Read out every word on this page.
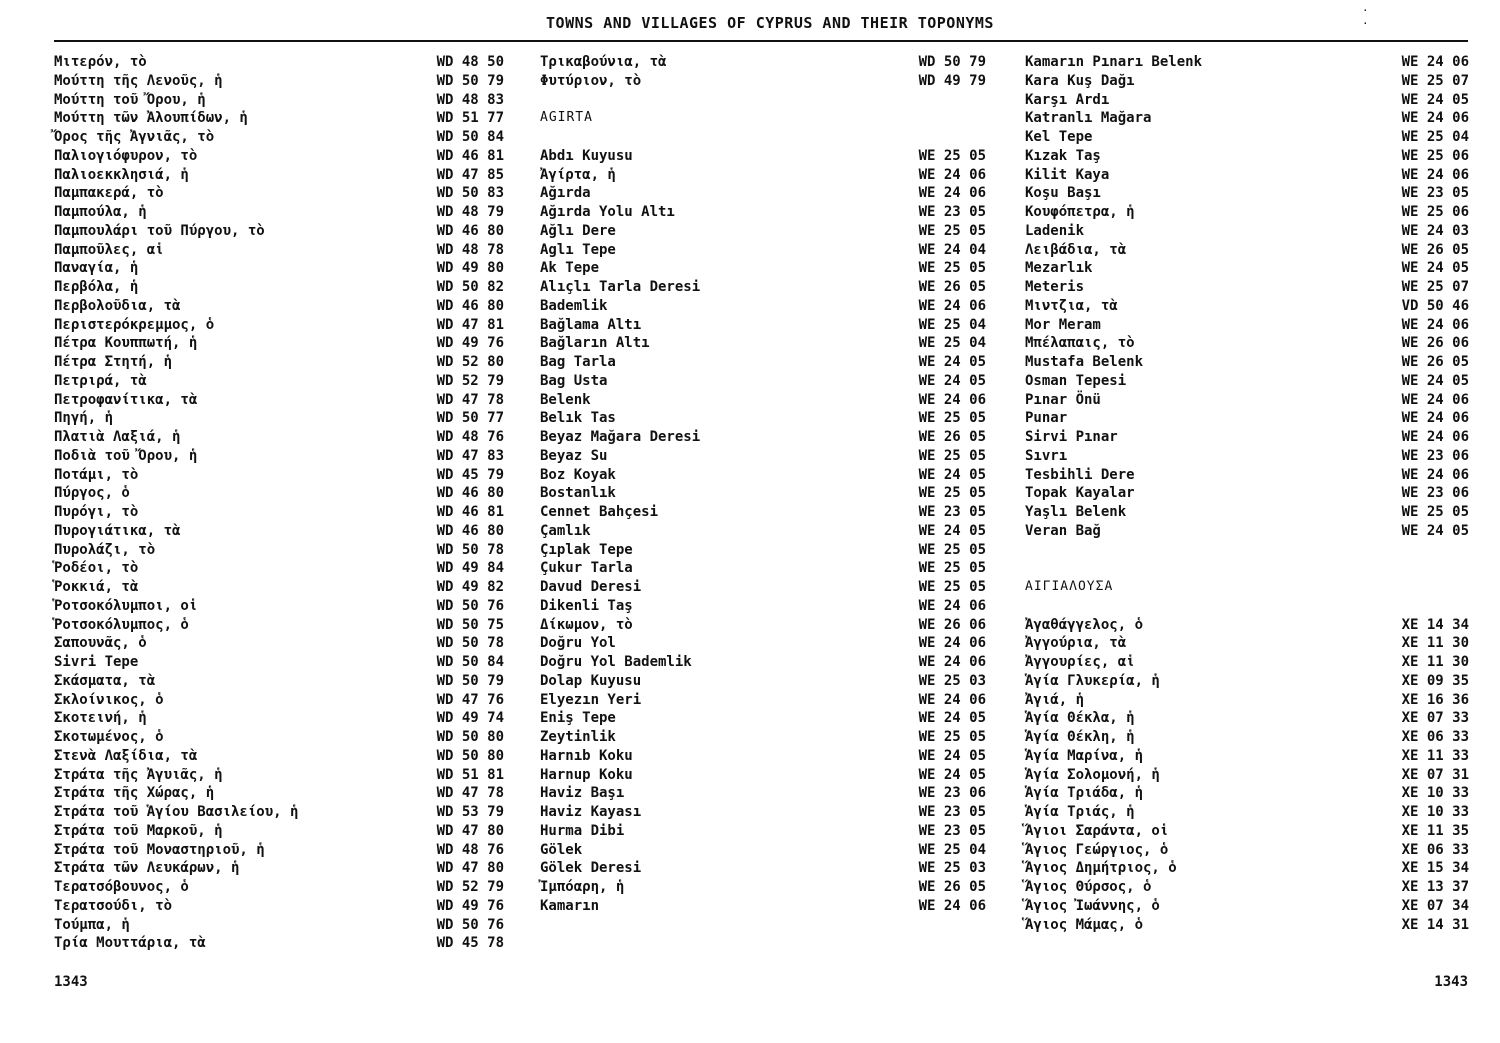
TOWNS AND VILLAGES OF CYPRUS AND THEIR TOPONYMS
· ·
Μιτερόν, τὸ	WD 48 50
Μούττη τῆς Λενοῦς, ἡ	WD 50 79
Μούττη τοῦ Ὄρου, ἡ	WD 48 83
Μούττη τῶν Ἀλουπίδων, ἡ	WD 51 77
Ὄρος τῆς Ἀγνιᾶς, τὸ	WD 50 84
Παλιογιόφυρον, τὸ	WD 46 81
Παλιοεκκλησιά, ἡ	WD 47 85
Παμπακερά, τὸ	WD 50 83
Παμπούλα, ἡ	WD 48 79
Παμπουλάρι τοῦ Πύργου, τὸ	WD 46 80
Παμποῦλες, αἱ	WD 48 78
Παναγία, ἡ	WD 49 80
Περβόλα, ἡ	WD 50 82
Περβολοῦδια, τὰ	WD 46 80
Περιστερόκρεμμος, ὁ	WD 47 81
Πέτρα Κουππωτή, ἡ	WD 49 76
Πέτρα Στητή, ἡ	WD 52 80
Πετριρά, τὰ	WD 52 79
Πετροφανίτικα, τὰ	WD 47 78
Πηγή, ἡ	WD 50 77
Πλατιὰ Λαξιά, ἡ	WD 48 76
Ποδιὰ τοῦ Ὄρου, ἡ	WD 47 83
Ποτάμι, τὸ	WD 45 79
Πύργος, ὁ	WD 46 80
Πυρόγι, τὸ	WD 46 81
Πυρογιάτικα, τὰ	WD 46 80
Πυρολάζι, τὸ	WD 50 78
Ῥοδέοι, τὸ	WD 49 84
Ῥοκκιά, τὰ	WD 49 82
Ῥοτσοκόλυμποι, οἱ	WD 50 76
Ῥοτσοκόλυμπος, ὁ	WD 50 75
Σαπουνᾶς, ὁ	WD 50 78
Sivri Tepe	WD 50 84
Σκάσματα, τὰ	WD 50 79
Σκλοίνικος, ὁ	WD 47 76
Σκοτεινή, ἡ	WD 49 74
Σκοτωμένος, ὁ	WD 50 80
Στενὰ Λαξίδια, τὰ	WD 50 80
Στράτα τῆς Ἀγυιᾶς, ἡ	WD 51 81
Στράτα τῆς Χώρας, ἡ	WD 47 78
Στράτα τοῦ Ἁγίου Βασιλείου, ἡ	WD 53 79
Στράτα τοῦ Μαρκοῦ, ἡ	WD 47 80
Στράτα τοῦ Μοναστηριοῦ, ἡ	WD 48 76
Στράτα τῶν Λευκάρων, ἡ	WD 47 80
Τερατσόβουνος, ὁ	WD 52 79
Τερατσούδι, τὸ	WD 49 76
Τούμπα, ἡ	WD 50 76
Τρία Μουττάρια, τὰ	WD 45 78
Τρικαβούνια, τὰ	WD 50 79
Φυτύριον, τὸ	WD 49 79
AGIRTA
Abdı Kuyusu	WE 25 05
Ἀγίρτα, ἡ	WE 24 06
Ağırda	WE 24 06
Ağırda Yolu Altı	WE 23 05
Ağlı Dere	WE 25 05
Aglı Tepe	WE 24 04
Ak Tepe	WE 25 05
Alıçlı Tarla Deresi	WE 26 05
Bademlik	WE 24 06
Bağlama Altı	WE 25 04
Bağların Altı	WE 25 04
Bag Tarla	WE 24 05
Bag Usta	WE 24 05
Belenk	WE 24 06
Belık Tas	WE 25 05
Beyaz Mağara Deresi	WE 26 05
Beyaz Su	WE 25 05
Boz Koyak	WE 24 05
Bostanlık	WE 25 05
Cennet Bahçesi	WE 23 05
Çamlık	WE 24 05
Çıplak Tepe	WE 25 05
Çukur Tarla	WE 25 05
Davud Deresi	WE 25 05
Dikenli Taş	WE 24 06
Δίκωμον, τὸ	WE 26 06
Doğru Yol	WE 24 06
Doğru Yol Bademlik	WE 24 06
Dolap Kuyusu	WE 25 03
Elyezın Yeri	WE 24 06
Eniş Tepe	WE 24 05
Zeytinlik	WE 25 05
Harnıb Koku	WE 24 05
Harnup Koku	WE 24 05
Haviz Başı	WE 23 06
Haviz Kayası	WE 23 05
Hurma Dibi	WE 23 05
Gölek	WE 25 04
Gölek Deresi	WE 25 03
Ἰμπόαρη, ἡ	WE 26 05
Kamarın	WE 24 06
Kamarın Pınarı Belenk	WE 24 06
Kara Kuş Dağı	WE 25 07
Karşı Ardı	WE 24 05
Katranlı Mağara	WE 24 06
Kel Tepe	WE 25 04
Kızak Taş	WE 25 06
Kilit Kaya	WE 24 06
Koşu Başı	WE 23 05
Κουφόπετρα, ἡ	WE 25 06
Ladenik	WE 24 03
Λειβάδια, τὰ	WE 26 05
Mezarlık	WE 24 05
Meteris	WE 25 07
Μιντζια, τὰ	VD 50 46
Mor Meram	WE 24 06
Μπέλαπαις, τὸ	WE 26 06
Mustafa Belenk	WE 26 05
Osman Tepesi	WE 24 05
Pınar Önü	WE 24 06
Punar	WE 24 06
Sirvi Pınar	WE 24 06
Sıvrı	WE 23 06
Tesbihli Dere	WE 24 06
Topak Kayalar	WE 23 06
Yaşlı Belenk	WE 25 05
Veran Bağ	WE 24 05
ΑΙΓΙΑΛΟΥΣΑ
Ἀγαθάγγελος, ὁ	XE 14 34
Ἀγγούρια, τὰ	XE 11 30
Ἀγγουρίες, αἱ	XE 11 30
Ἁγία Γλυκερία, ἡ	XE 09 35
Ἀγιά, ἡ	XE 16 36
Ἁγία Θέκλα, ἡ	XE 07 33
Ἁγία Θέκλη, ἡ	XE 06 33
Ἁγία Μαρίνα, ἡ	XE 11 33
Ἁγία Σολομονή, ἡ	XE 07 31
Ἁγία Τριάδα, ἡ	XE 10 33
Ἁγία Τριάς, ἡ	XE 10 33
Ἅγιοι Σαράντα, οἱ	XE 11 35
Ἅγιος Γεώργιος, ὁ	XE 06 33
Ἅγιος Δημήτριος, ὁ	XE 15 34
Ἅγιος Θύρσος, ὁ	XE 13 37
Ἅγιος Ἰωάννης, ὁ	XE 07 34
Ἅγιος Μάμας, ὁ	XE 14 31
1343	1343
